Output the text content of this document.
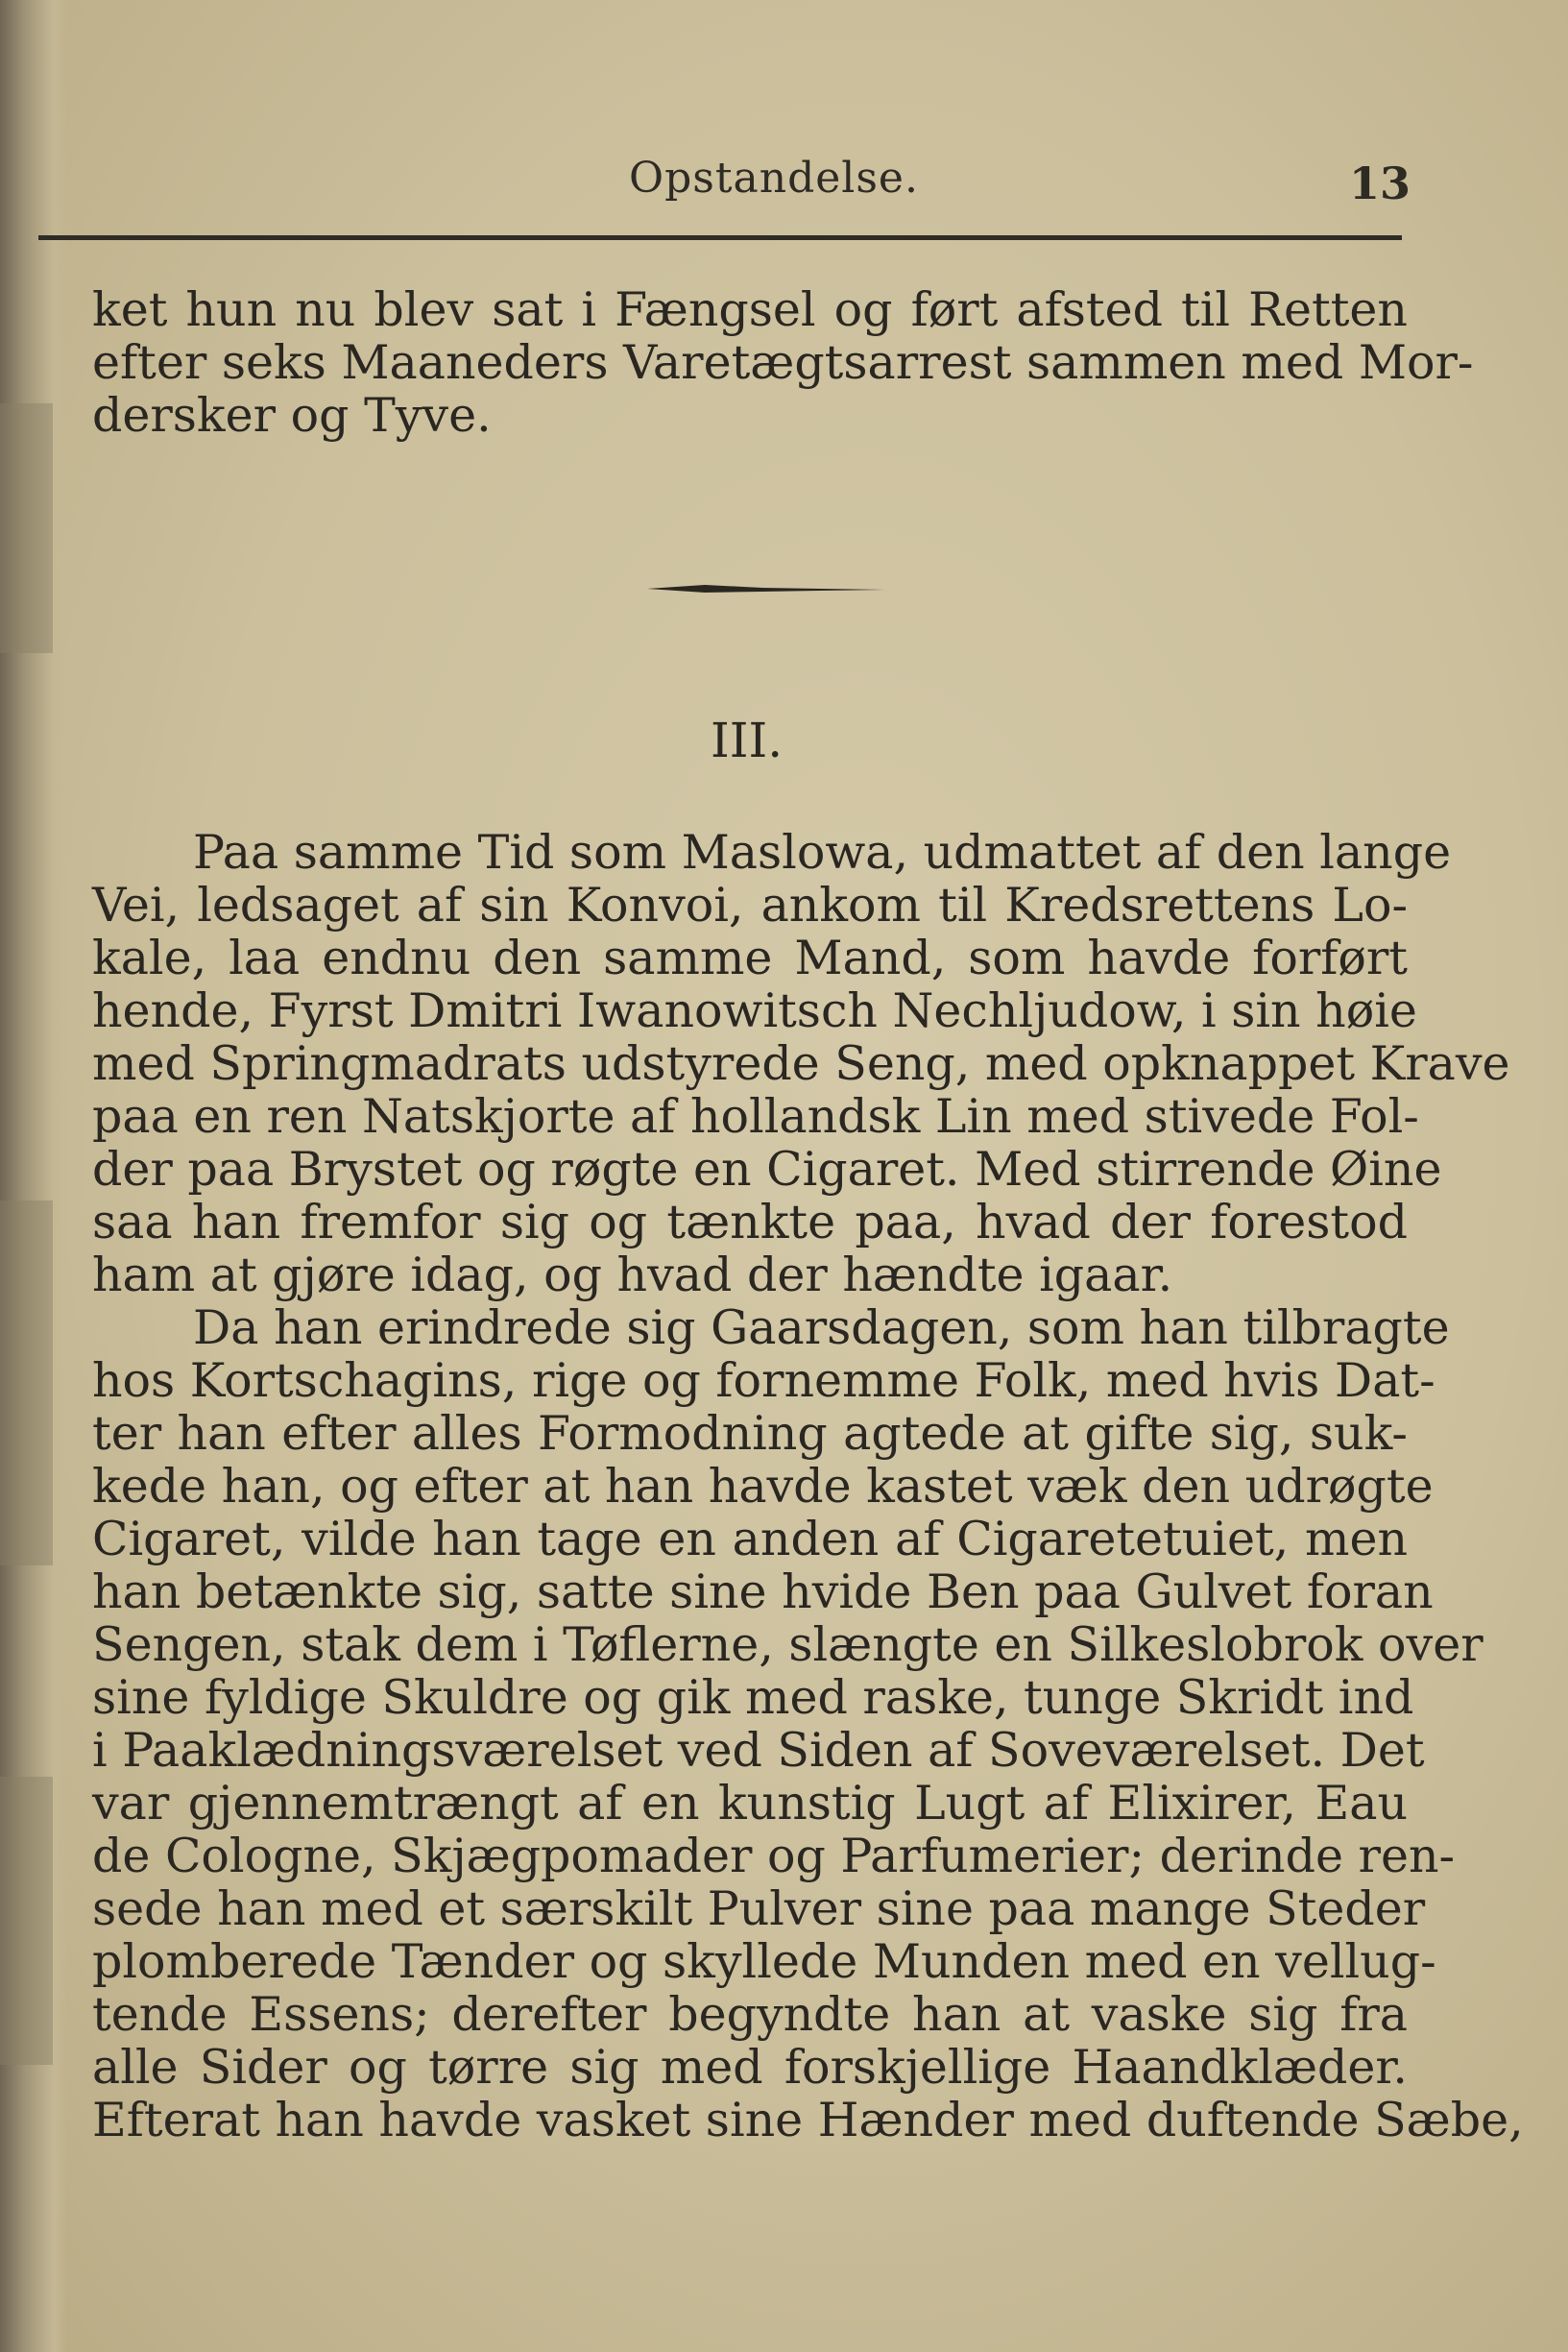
Opstandelse.	13
ket hun nu blev sat i Fængsel og ført afsted til Retten
efter seks Maaneders Varetægtsarrest sammen med Mor-
dersker og Tyve.
III.
Paa samme Tid som Maslowa, udmattet af den lange
Vei, ledsaget af sin Konvoi, ankom til Kredsrettens Lo-
kale, laa endnu den samme Mand, som havde forført
hende, Fyrst Dmitri Iwanowitsch Nechljudow, i sin høie
med Springmadrats udstyrede Seng, med opknappet Krave
paa en ren Natskjorte af hollandsk Lin med stivede Fol-
der paa Brystet og røgte en Cigaret. Med stirrende Øine
saa han fremfor sig og tænkte paa, hvad der forestod
ham at gjøre idag, og hvad der hændte igaar.
Da han erindrede sig Gaarsdagen, som han tilbragte
hos Kortschagins, rige og fornemme Folk, med hvis Dat-
ter han efter alles Formodning agtede at gifte sig, suk-
kede han, og efter at han havde kastet væk den udrøgte
Cigaret, vilde han tage en anden af Cigaretetuiet, men
han betænkte sig, satte sine hvide Ben paa Gulvet foran
Sengen, stak dem i Tøflerne, slængte en Silkeslobrok over
sine fyldige Skuldre og gik med raske, tunge Skridt ind
i Paaklædningsværelset ved Siden af Soveværelset. Det
var gjennemtrængt af en kunstig Lugt af Elixirer, Eau
de Cologne, Skjægpomader og Parfumerier; derinde ren-
sede han med et særskilt Pulver sine paa mange Steder
plomberede Tænder og skyllede Munden med en vellug-
tende Essens; derefter begyndte han at vaske sig fra
alle Sider og tørre sig med forskjellige Haandklæder.
Efterat han havde vasket sine Hænder med duftende Sæbe,
